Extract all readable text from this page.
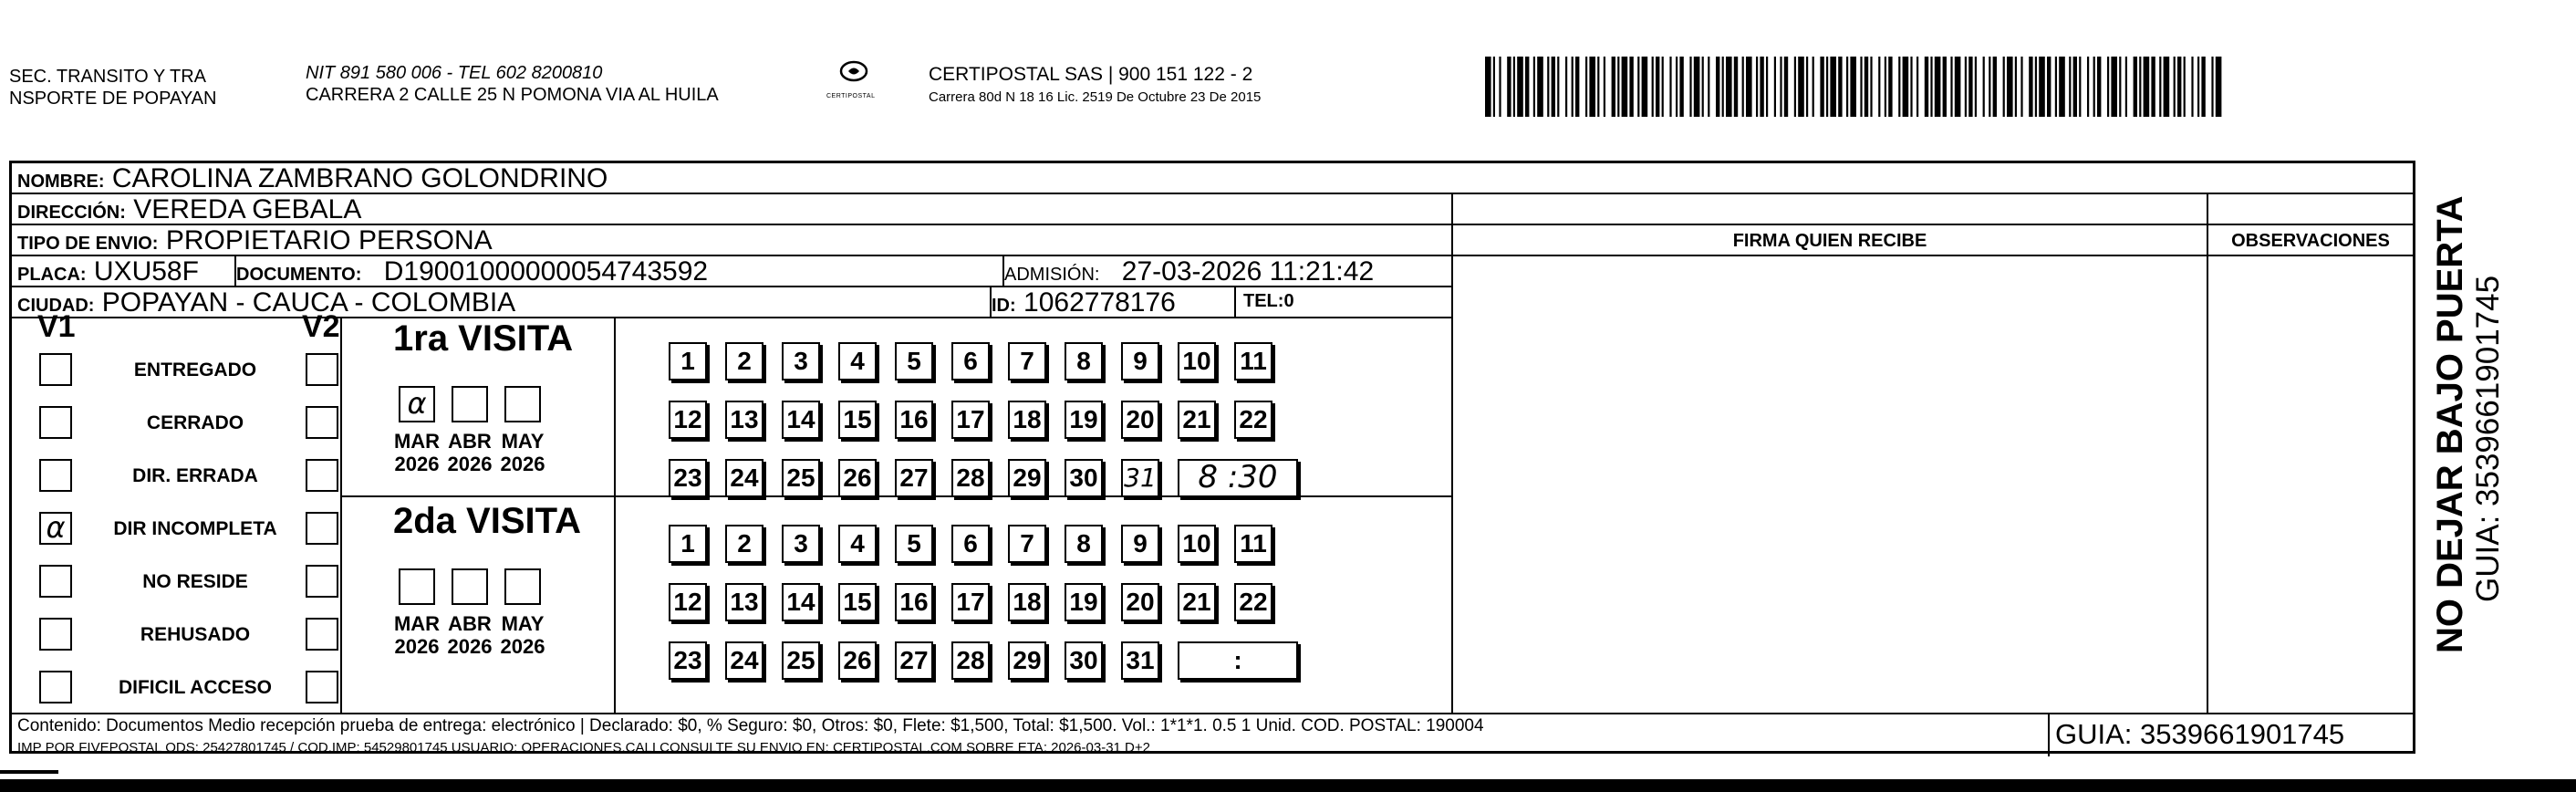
SEC. TRANSITO Y TRA
NSPORTE DE POPAYAN
NIT 891 580 006 - TEL 602 8200810
CARRERA 2 CALLE 25 N POMONA VIA AL HUILA	CERTIPOSTAL
CERTIPOSTAL SAS | 900 151 122 - 2
Carrera 80d N 18 16 Lic. 2519 De Octubre 23 De 2015
NOMBRE: CAROLINA ZAMBRANO GOLONDRINO
DIRECCIÓN: VEREDA GEBALA
TIPO DE ENVIO: PROPIETARIO PERSONA
PLACA: UXU58F DOCUMENTO: D19001000000054743592	ADMISIÓN: 27-03-2026 11:21:42
CIUDAD: POPAYAN - CAUCA - COLOMBIA	ID: 1062778176	TEL:0
FIRMA QUIEN RECIBE	OBSERVACIONES
V1	V2 1ra VISITA
2da VISITA
Contenido: Documentos Medio recepción prueba de entrega: electrónico | Declarado: $0, % Seguro: $0, Otros: $0, Flete: $1,500, Total: $1,500. Vol.: 1*1*1. 0.5 1 Unid. COD. POSTAL: 190004
IMP POR FIVEPOSTAL ODS: 25427801745 / COD.IMP: 54529801745 USUARIO: OPERACIONES.CALI CONSULTE SU ENVIO EN: CERTIPOSTAL.COM SOBRE ETA: 2026-03-31 D+2	GUIA: 3539661901745
ENTREGADO
CERRADO
DIR. ERRADA
α	DIR INCOMPLETA
NO RESIDE
REHUSADO
DIFICIL ACCESO
α
MAR
2026
ABR
2026
MAY
2026
1	2	3	4	5	6	7	8	9	10 11
12 13 14 15 16 17 18 19 20 21 22
23 24 25 26 27 28 29 30 31	8 :30
MAR
2026
ABR
2026
MAY
2026
1	2	3	4	5	6	7	8	9	10 11
12 13 14 15 16 17 18 19 20 21 22
23 24 25 26 27 28 29 30 31	:
NO DEJAR BAJO PUERTA GUIA: 3539661901745
